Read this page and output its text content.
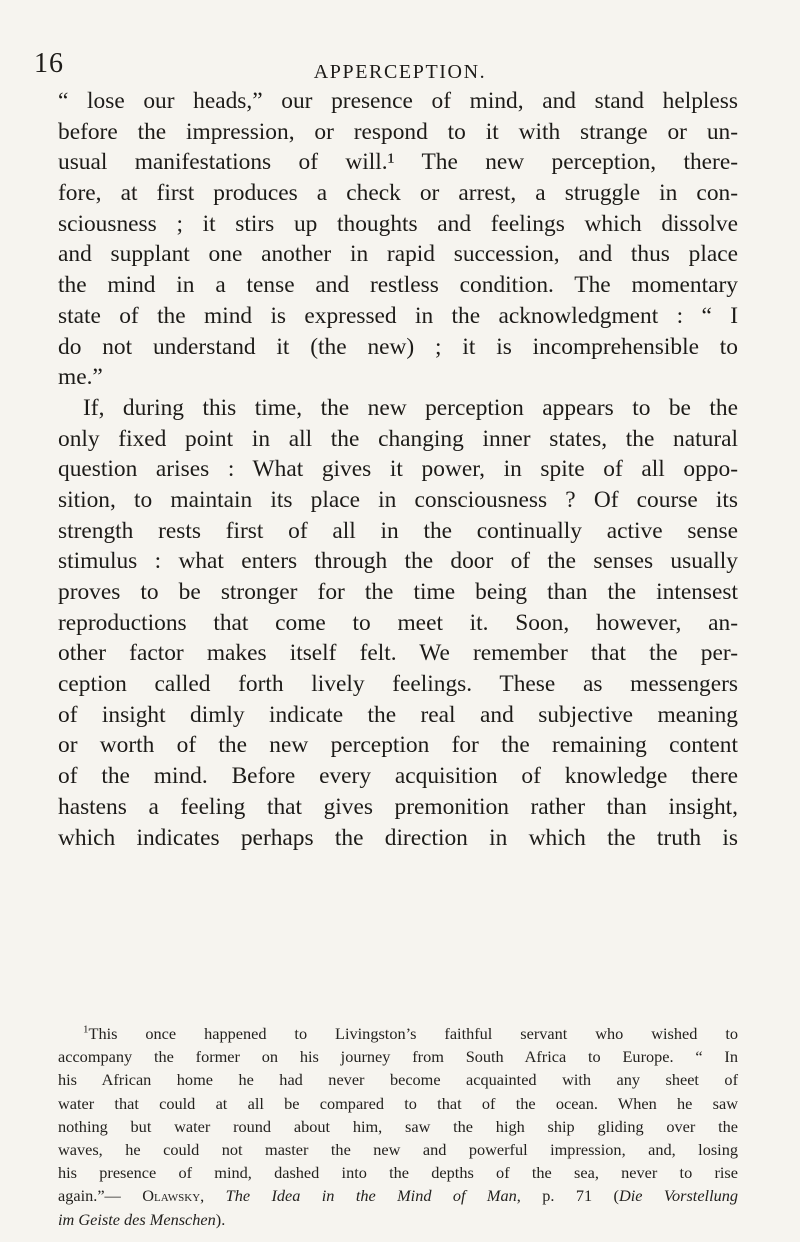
16	APPERCEPTION.
“ lose our heads,” our presence of mind, and stand helpless
before the impression, or respond to it with strange or un-
usual manifestations of will.¹ The new perception, there-
fore, at first produces a check or arrest, a struggle in con-
sciousness ; it stirs up thoughts and feelings which dissolve
and supplant one another in rapid succession, and thus place
the mind in a tense and restless condition. The momentary
state of the mind is expressed in the acknowledgment : “ I
do not understand it (the new) ; it is incomprehensible to
me.”
If, during this time, the new perception appears to be the
only fixed point in all the changing inner states, the natural
question arises : What gives it power, in spite of all oppo-
sition, to maintain its place in consciousness ? Of course its
strength rests first of all in the continually active sense
stimulus : what enters through the door of the senses usually
proves to be stronger for the time being than the intensest
reproductions that come to meet it. Soon, however, an-
other factor makes itself felt. We remember that the per-
ception called forth lively feelings. These as messengers
of insight dimly indicate the real and subjective meaning
or worth of the new perception for the remaining content
of the mind. Before every acquisition of knowledge there
hastens a feeling that gives premonition rather than insight,
which indicates perhaps the direction in which the truth is
$^1$This once happened to Livingston’s faithful servant who wished to
accompany the former on his journey from South Africa to Europe. “ In
his African home he had never become acquainted with any sheet of
water that could at all be compared to that of the ocean. When he saw
nothing but water round about him, saw the high ship gliding over the
waves, he could not master the new and powerful impression, and, losing
his presence of mind, dashed into the depths of the sea, never to rise
again.”— Olawsky, The Idea in the Mind of Man, p. 71 (Die Vorstellung
im Geiste des Menschen).
